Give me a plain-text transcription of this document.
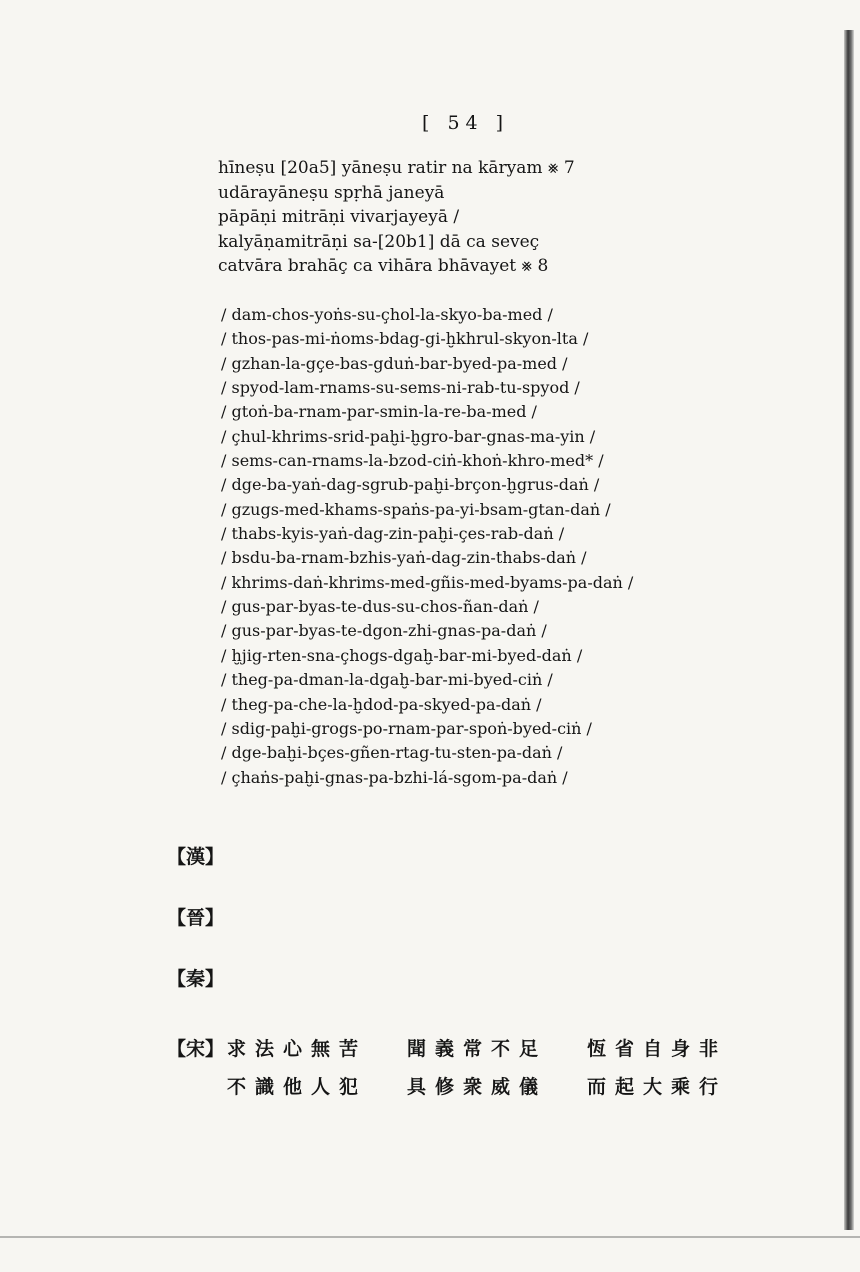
[ 54 ]
hīneṣu [20a5] yāneṣu ratir na kāryam ⨳ 7
udārayāneṣu spṛhā janeyā
pāpāṇi mitrāṇi vivarjayeyā /
kalyāṇamitrāṇi sa-[20b1] dā ca seveç
catvāra brahāç ca vihāra bhāvayet ⨳ 8
/ dam-chos-yoṅs-su-çhol-la-skyo-ba-med /
/ thos-pas-mi-ṅoms-bdag-gi-ḫkhrul-skyon-lta /
/ gzhan-la-gçe-bas-gduṅ-bar-byed-pa-med /
/ spyod-lam-rnams-su-sems-ni-rab-tu-spyod /
/ gtoṅ-ba-rnam-par-smin-la-re-ba-med /
/ çhul-khrims-srid-paḫi-ḫgro-bar-gnas-ma-yin /
/ sems-can-rnams-la-bzod-ciṅ-khoṅ-khro-med* /
/ dge-ba-yaṅ-dag-sgrub-paḫi-brçon-ḫgrus-daṅ /
/ gzugs-med-khams-spaṅs-pa-yi-bsam-gtan-daṅ /
/ thabs-kyis-yaṅ-dag-zin-paḫi-çes-rab-daṅ /
/ bsdu-ba-rnam-bzhis-yaṅ-dag-zin-thabs-daṅ /
/ khrims-daṅ-khrims-med-gñis-med-byams-pa-daṅ /
/ gus-par-byas-te-dus-su-chos-ñan-daṅ /
/ gus-par-byas-te-dgon-zhi-gnas-pa-daṅ /
/ ḫjig-rten-sna-çhogs-dgaḫ-bar-mi-byed-daṅ /
/ theg-pa-dman-la-dgaḫ-bar-mi-byed-ciṅ /
/ theg-pa-che-la-ḫdod-pa-skyed-pa-daṅ /
/ sdig-paḫi-grogs-po-rnam-par-spoṅ-byed-ciṅ /
/ dge-baḫi-bçes-gñen-rtag-tu-sten-pa-daṅ /
/ çhaṅs-paḫi-gnas-pa-bzhi-lá-sgom-pa-daṅ /
【漢】
【晉】
【秦】
【宋】 求法心無苦 聞義常不足 恆省自身非
不識他人犯 具修衆威儀 而起大乘行
